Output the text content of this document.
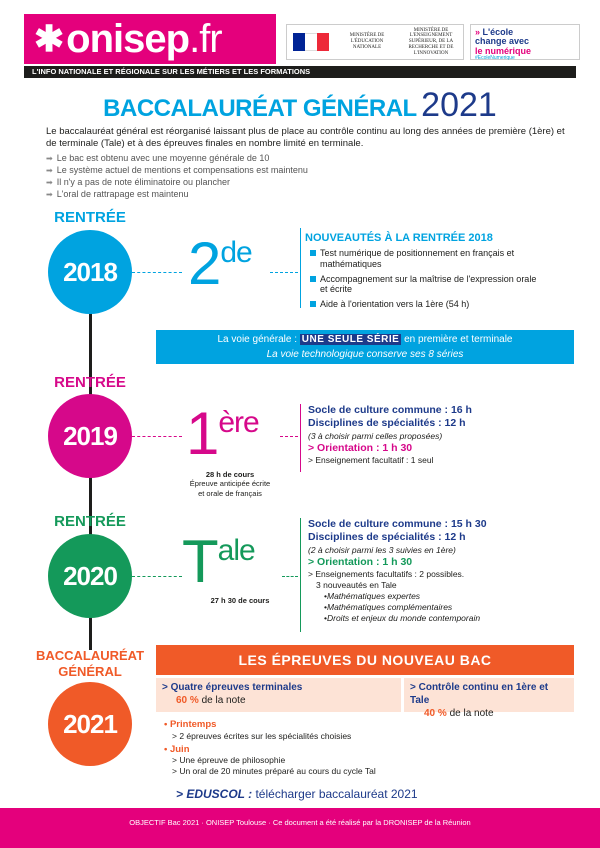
✱ onisep.fr	MINISTÈRE DE L'ÉDUCATION NATIONALE
MINISTÈRE DE L'ENSEIGNEMENT SUPÉRIEUR, DE LA RECHERCHE ET DE L'INNOVATION
» L'école
change avec
le numérique
#EcoleNumerique
L'INFO NATIONALE ET RÉGIONALE SUR LES MÉTIERS ET LES FORMATIONS
BACCALAURÉAT GÉNÉRAL 2021
Le baccalauréat général est réorganisé laissant plus de place au contrôle continu au long des années de première (1ère) et de terminale (Tale) et à des épreuves finales en nombre limité en terminale.
➡ Le bac est obtenu avec une moyenne générale de 10
➡ Le système actuel de mentions et compensations est maintenu
➡ Il n'y a pas de note éliminatoire ou plancher
➡ L'oral de rattrapage est maintenu
RENTRÉE
2018 2de	NOUVEAUTÉS À LA RENTRÉE 2018
Test numérique de positionnement en français et mathématiques
Accompagnement sur la maîtrise de l'expression orale et écrite
Aide à l'orientation vers la 1ère (54 h)
La voie générale : UNE SEULE SÉRIE en première et terminale
La voie technologique conserve ses 8 séries
RENTRÉE
2019 1ère
28 h de cours
Épreuve anticipée écrite
et orale de français
Socle de culture commune : 16 h
Disciplines de spécialités : 12 h
(3 à choisir parmi celles proposées)
> Orientation : 1 h 30
> Enseignement facultatif : 1 seul
RENTRÉE
2020 $T^{ale}$
27 h 30 de cours
Socle de culture commune : 15 h 30
Disciplines de spécialités : 12 h
(2 à choisir parmi les 3 suivies en 1ère)
> Orientation : 1 h 30
> Enseignements facultatifs : 2 possibles.
3 nouveautés en Tale
• Mathématiques expertes
• Mathématiques complémentaires
• Droits et enjeux du monde contemporain
BACCALAURÉAT
GÉNÉRAL
2021
LES ÉPREUVES DU NOUVEAU BAC
> Quatre épreuves terminales
60 % de la note
> Contrôle continu en 1ère et Tale
40 % de la note
• Printemps
> 2 épreuves écrites sur les spécialités choisies
• Juin
> Une épreuve de philosophie
> Un oral de 20 minutes préparé au cours du cycle Tal
> EDUSCOL : télécharger baccalauréat 2021
OBJECTIF Bac 2021 · ONISEP Toulouse · Ce document a été réalisé par la DRONISEP de la Réunion
